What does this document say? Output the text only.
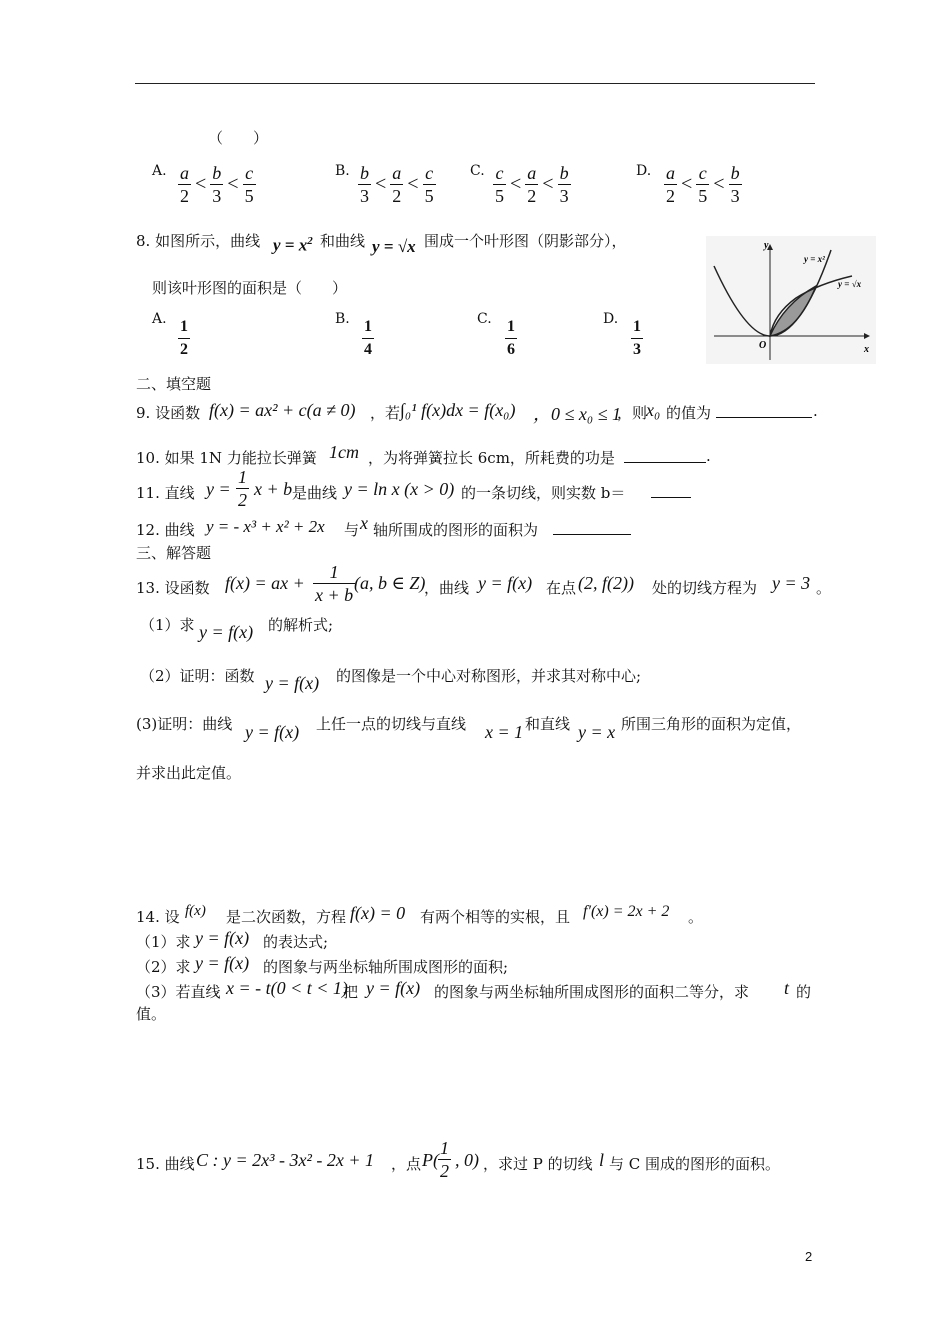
（　　）
A. $\frac{a}{2} < \frac{b}{3} < \frac{c}{5}$	B. $\frac{b}{3} < \frac{a}{2} < \frac{c}{5} C$. $\frac{c}{5} < \frac{a}{2} < \frac{b}{3}$	D. $\frac{a}{2} < \frac{c}{5} < \frac{b}{3}$
8. 如图所示，曲线 $y = x^2$ 和曲线 y = √x 围成一个叶形图（阴影部分），
则该叶形图的面积是（　　）
A. $\frac{1}{2}$	B. $\frac{1}{4}$	C. $\frac{1}{6}$	D. $\frac{1}{3}$
y
x
O
y = x²
y = √x
二、填空题
9. 设函数 f(x) = ax² + c(a ≠ 0) ，若 ∫₀¹ f(x)dx = f(x₀) ，0 ≤ x₀ ≤ 1
，则
x₀ 的值为	.
10. 如果 1N 力能拉长弹簧 1cm ，为将弹簧拉长 6cm，所耗费的功是	.
11. 直线 $y = \frac{1}{2}$ x + b 是曲线 y = ln x (x > 0) 的一条切线，则实数 b＝
12. 曲线 y = - x³ + x² + 2x 与 x 轴所围成的图形的面积为
三、解答题
13. 设函数 f(x) = ax + $\frac{1}{x + b}$
(a, b ∈ Z)
，曲线 y = f(x) 在点 (2, f(2)) 处的切线方程为 y = 3 。
（1）求 y = f(x) 的解析式;
（2）证明：函数 y = f(x) 的图像是一个中心对称图形，并求其对称中心;
(3)证明：曲线 y = f(x) 上任一点的切线与直线 x = 1 和直线 y = x 所围三角形的面积为定值，
并求出此定值。
14. 设 f(x) 是二次函数，方程 f(x) = 0 有两个相等的实根，且 f′(x) = 2x + 2 。
（1）求 y = f(x) 的表达式;
（2）求 y = f(x) 的图象与两坐标轴所围成图形的面积;
（3）若直线 x = - t(0 < t < 1)
把 y = f(x) 的图象与两坐标轴所围成图形的面积二等分，求 t 的
值。
15. 曲线 C : y = 2x³ - 3x² - 2x + 1 ，点 $P( \frac{1}{2}$ , 0) ，求过 P 的切线 l 与 C 围成的图形的面积。
2
